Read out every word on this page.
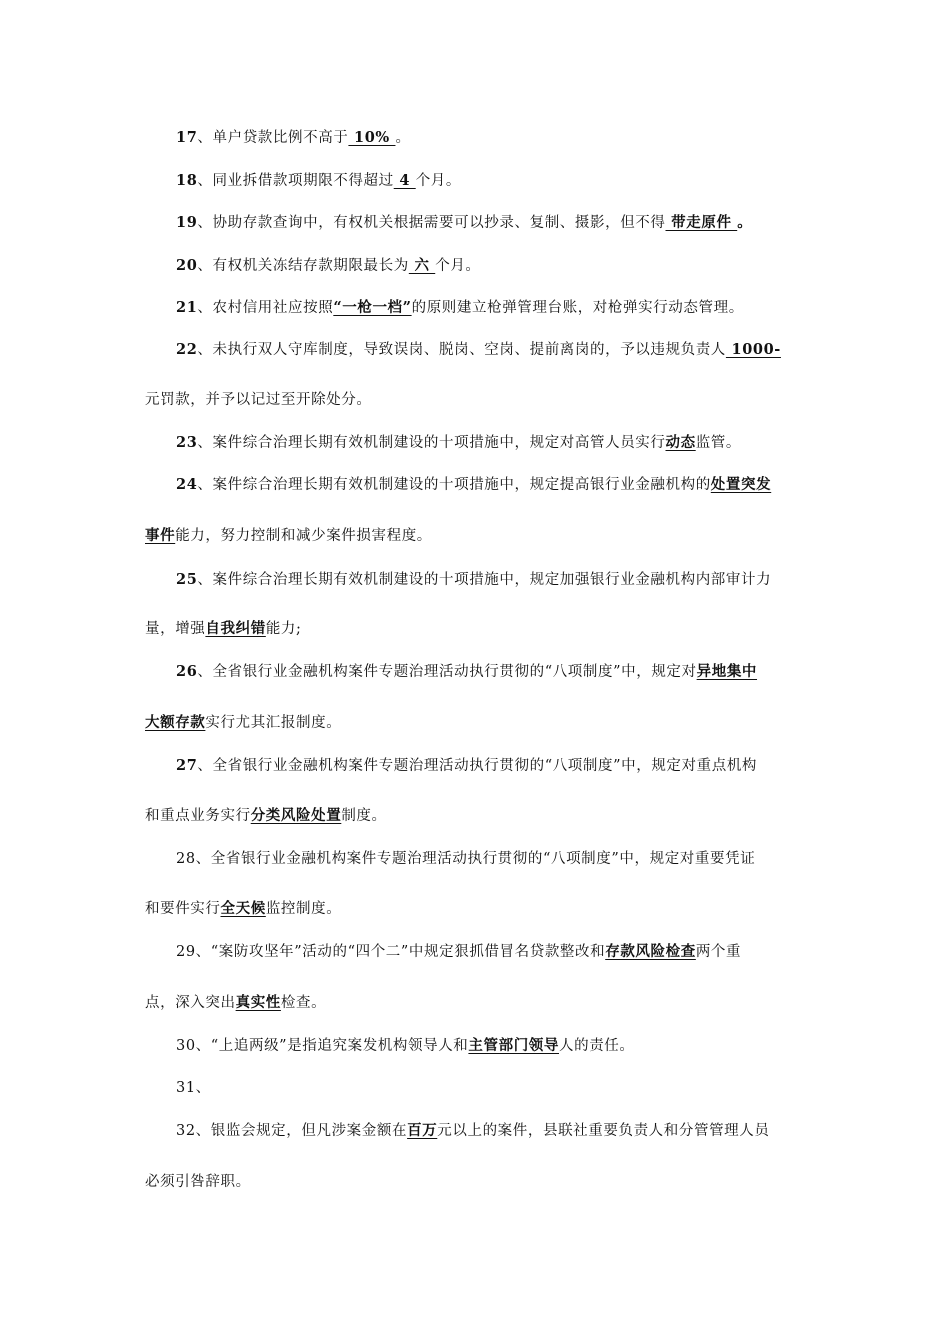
17、单户贷款比例不高于 10% 。
18、同业拆借款项期限不得超过 4 个月。
19、协助存款查询中，有权机关根据需要可以抄录、复制、摄影，但不得 带走原件 。
20、有权机关冻结存款期限最长为 六 个月。
21、农村信用社应按照“一枪一档”的原则建立枪弹管理台账，对枪弹实行动态管理。
22、未执行双人守库制度，导致误岗、脱岗、空岗、提前离岗的，予以违规负责人 1000-
元罚款，并予以记过至开除处分。
23、案件综合治理长期有效机制建设的十项措施中，规定对高管人员实行动态监管。
24、案件综合治理长期有效机制建设的十项措施中，规定提高银行业金融机构的处置突发
事件能力，努力控制和减少案件损害程度。
25、案件综合治理长期有效机制建设的十项措施中，规定加强银行业金融机构内部审计力
量，增强自我纠错能力;
26、全省银行业金融机构案件专题治理活动执行贯彻的“八项制度”中，规定对异地集中
大额存款实行尤其汇报制度。
27、全省银行业金融机构案件专题治理活动执行贯彻的“八项制度”中，规定对重点机构
和重点业务实行分类风险处置制度。
28、全省银行业金融机构案件专题治理活动执行贯彻的“八项制度”中，规定对重要凭证
和要件实行全天候监控制度。
29、“案防攻坚年”活动的“四个二”中规定狠抓借冒名贷款整改和存款风险检查两个重
点，深入突出真实性检查。
30、“上追两级”是指追究案发机构领导人和主管部门领导人的责任。
31、
32、银监会规定，但凡涉案金额在百万元以上的案件，县联社重要负责人和分管管理人员
必须引咎辞职。
